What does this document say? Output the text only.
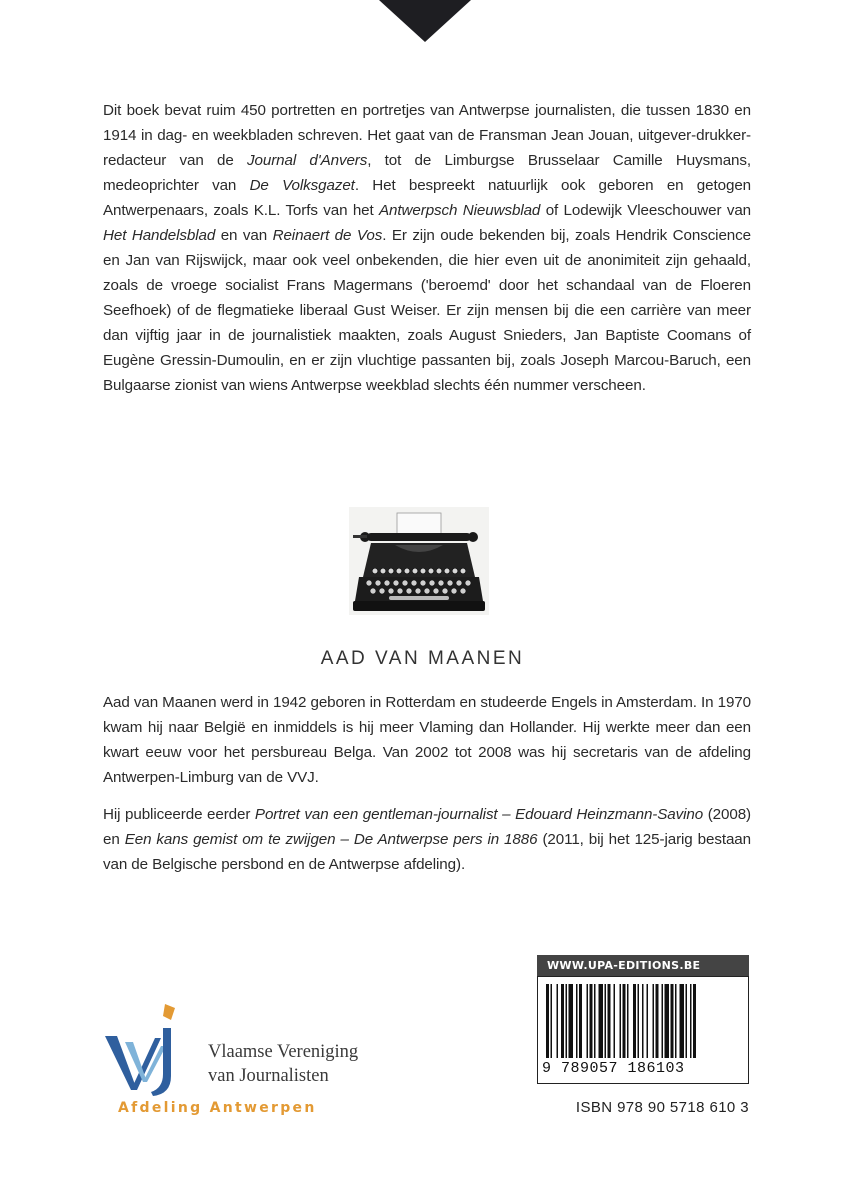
Dit boek bevat ruim 450 portretten en portretjes van Antwerpse journalisten, die tussen 1830 en 1914 in dag- en weekbladen schreven. Het gaat van de Fransman Jean Jouan, uitgever-drukker-redacteur van de Journal d'Anvers, tot de Limburgse Brusselaar Camille Huysmans, medeoprichter van De Volksgazet. Het bespreekt natuurlijk ook geboren en getogen Antwerpenaars, zoals K.L. Torfs van het Antwerpsch Nieuwsblad of Lodewijk Vleeschouwer van Het Handelsblad en van Reinaert de Vos. Er zijn oude bekenden bij, zoals Hendrik Conscience en Jan van Rijswijck, maar ook veel onbekenden, die hier even uit de anonimiteit zijn gehaald, zoals de vroege socialist Frans Magermans ('beroemd' door het schandaal van de Floeren Seefhoek) of de flegmatieke liberaal Gust Weiser. Er zijn mensen bij die een carrière van meer dan vijftig jaar in de journalistiek maakten, zoals August Snieders, Jan Baptiste Coomans of Eugène Gressin-Dumoulin, en er zijn vluchtige passanten bij, zoals Joseph Marcou-Baruch, een Bulgaarse zionist van wiens Antwerpse weekblad slechts één nummer verscheen.

AAD VAN MAANEN

Aad van Maanen werd in 1942 geboren in Rotterdam en studeerde Engels in Amsterdam. In 1970 kwam hij naar België en inmiddels is hij meer Vlaming dan Hollander. Hij werkte meer dan een kwart eeuw voor het persbureau Belga. Van 2002 tot 2008 was hij secretaris van de afdeling Antwerpen-Limburg van de VVJ.

Hij publiceerde eerder Portret van een gentleman-journalist – Edouard Heinzmann-Savino (2008) en Een kans gemist om te zwijgen – De Antwerpse pers in 1886 (2011, bij het 125-jarig bestaan van de Belgische persbond en de Antwerpse afdeling).

WWW.UPA-EDITIONS.BE
9 789057 186103
ISBN 978 90 5718 610 3
Vlaamse Vereniging
van Journalisten
Afdeling Antwerpen
